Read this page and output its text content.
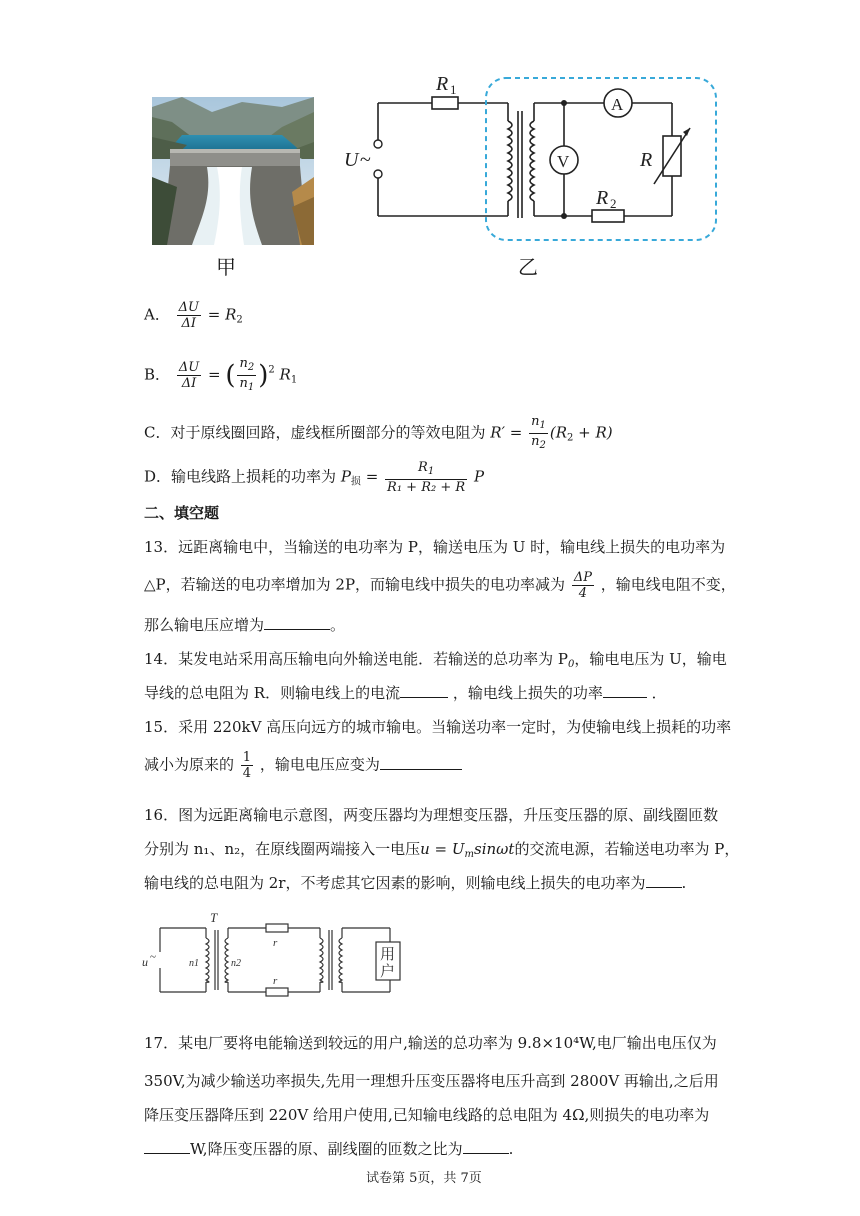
甲
R 1
U ~
A
V	R
R 2
乙
A． $\frac{\Delta U}{\Delta I} = R_2$
B． $\frac{\Delta U}{\Delta I}$ = ( $\frac{n_2}{n_1} )^2$ $R_1$
C．对于原线圈回路，虚线框所圈部分的等效电阻为 $R' = \frac{n_1}{n_2} (R_2 + R)$
D．输电线路上损耗的功率为 $P_损 = \frac{R_1}{\text{R₁ + R₂ + R}}$ P
二、填空题
13．远距离输电中，当输送的电功率为 P，输送电压为 U 时，输电线上损失的电功率为
△P，若输送的电功率增加为 2P，而输电线中损失的电功率减为 $\frac{\Delta P}{4}$ ，输电线电阻不变，
那么输电压应增为	。
14．某发电站采用高压输电向外输送电能．若输送的总功率为 $P_0$，输电电压为 U，输电
导线的总电阻为 R．则输电线上的电流	，输电线上损失的功率	．
15．采用 220kV 高压向远方的城市输电。当输送功率一定时，为使输电线上损耗的功率
减小为原来的 $\frac{1}{4}$ ，输电电压应变为
16．图为远距离输电示意图，两变压器均为理想变压器，升压变压器的原、副线圈匝数
分别为 n₁、n₂，在原线圈两端接入一电压$u = U_m\sin\omega t$的交流电源，若输送电功率为 P，
输电线的总电阻为 2r，不考虑其它因素的影响，则输电线上损失的电功率为 .
T
u ~
n1	n2
r
r
用
户
17．某电厂要将电能输送到较远的用户,输送的总功率为 9.8×10⁴W,电厂输出电压仅为
350V,为减少输送功率损失,先用一理想升压变压器将电压升高到 2800V 再输出,之后用
降压变压器降压到 220V 给用户使用,已知输电线路的总电阻为 4Ω,则损失的电功率为
W,降压变压器的原、副线圈的匝数之比为	.
试卷第 5页，共 7页
